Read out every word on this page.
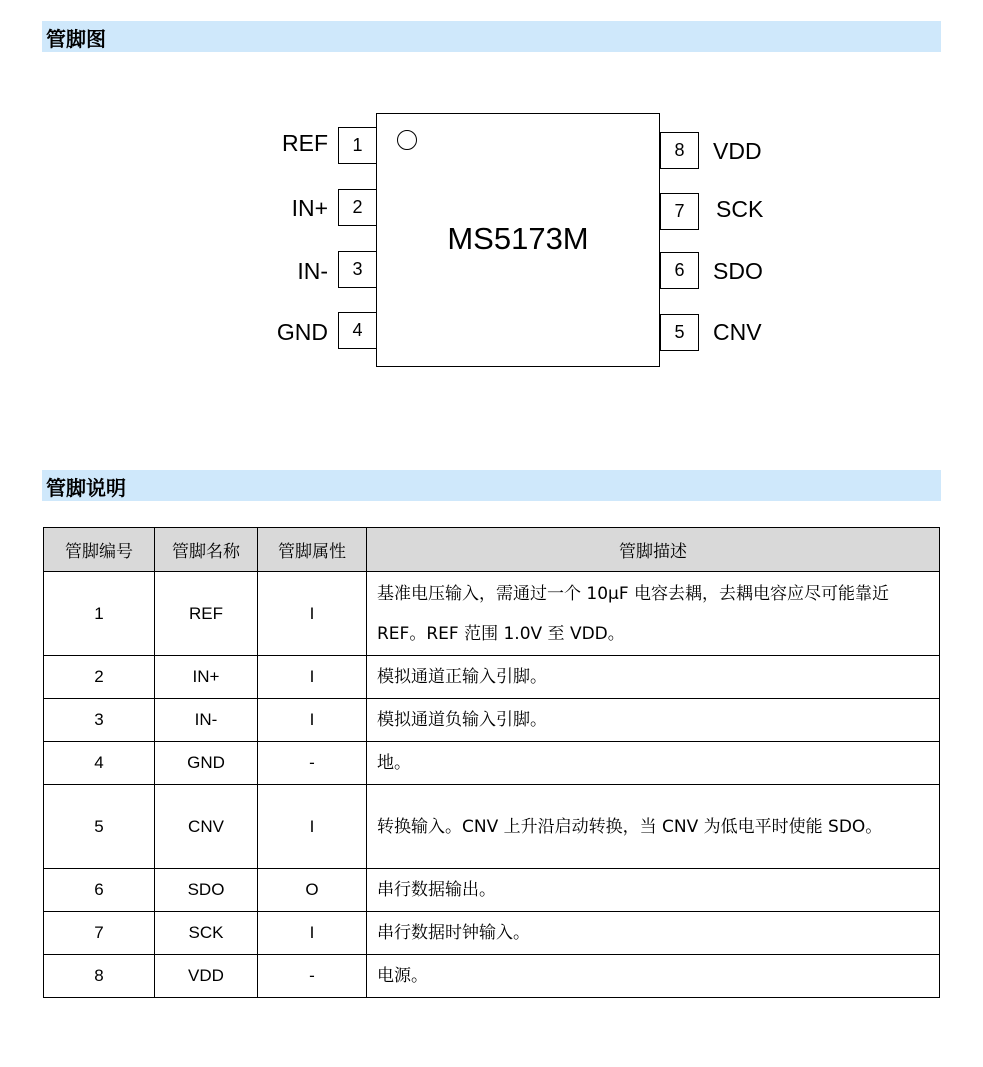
管脚图
MS5173M
REF	1
IN+	2
IN-	3
GND	4
8	VDD
7	SCK
6	SDO
5	CNV
管脚说明
管脚编号	管脚名称	管脚属性	管脚描述
1	REF	I	基准电压输入，需通过一个 10μF 电容去耦，去耦电容应尽可能靠近 REF。REF 范围 1.0V 至 VDD。
2	IN+	I	模拟通道正输入引脚。
3	IN-	I	模拟通道负输入引脚。
4	GND	-	地。
5	CNV	I	转换输入。CNV 上升沿启动转换，当 CNV 为低电平时使能 SDO。
6	SDO	O	串行数据输出。
7	SCK	I	串行数据时钟输入。
8	VDD	-	电源。
